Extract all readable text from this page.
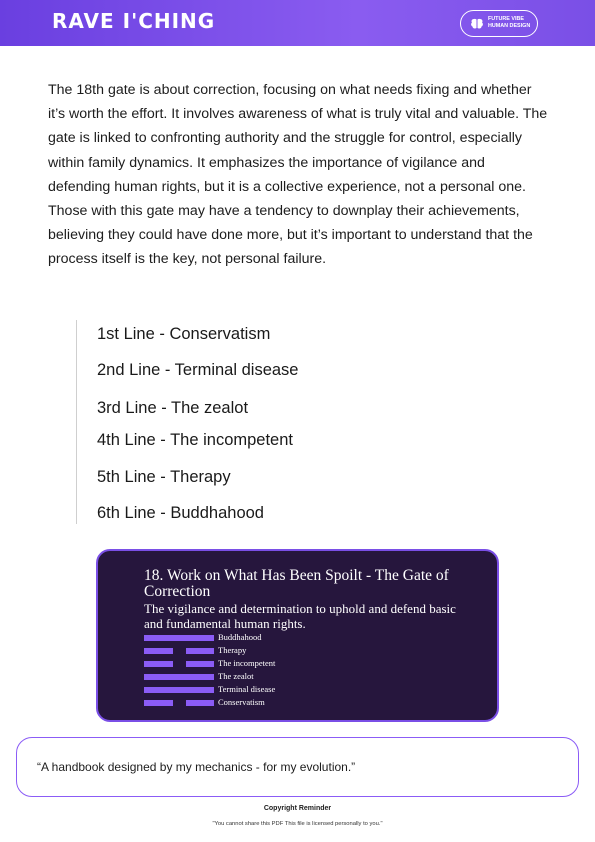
RAVE I'CHING	FUTURE VIBE
HUMAN DESIGN
The 18th gate is about correction, focusing on what needs fixing and whether it’s worth the effort. It involves awareness of what is truly vital and valuable. The gate is linked to confronting authority and the struggle for control, especially within family dynamics. It emphasizes the importance of vigilance and defending human rights, but it is a collective experience, not a personal one. Those with this gate may have a tendency to downplay their achievements, believing they could have done more, but it’s important to understand that the process itself is the key, not personal failure.
1st Line - Conservatism
2nd Line - Terminal disease
3rd Line - The zealot
4th Line - The incompetent
5th Line - Therapy
6th Line - Buddhahood
18. Work on What Has Been Spoilt - The Gate of Correction
The vigilance and determination to uphold and defend basic and fundamental human rights.
Buddhahood
Therapy
The incompetent
The zealot
Terminal disease
Conservatism
“A handbook designed by my mechanics - for my evolution.”
Copyright Reminder
"You cannot share this PDF This file is licensed personally to you."
